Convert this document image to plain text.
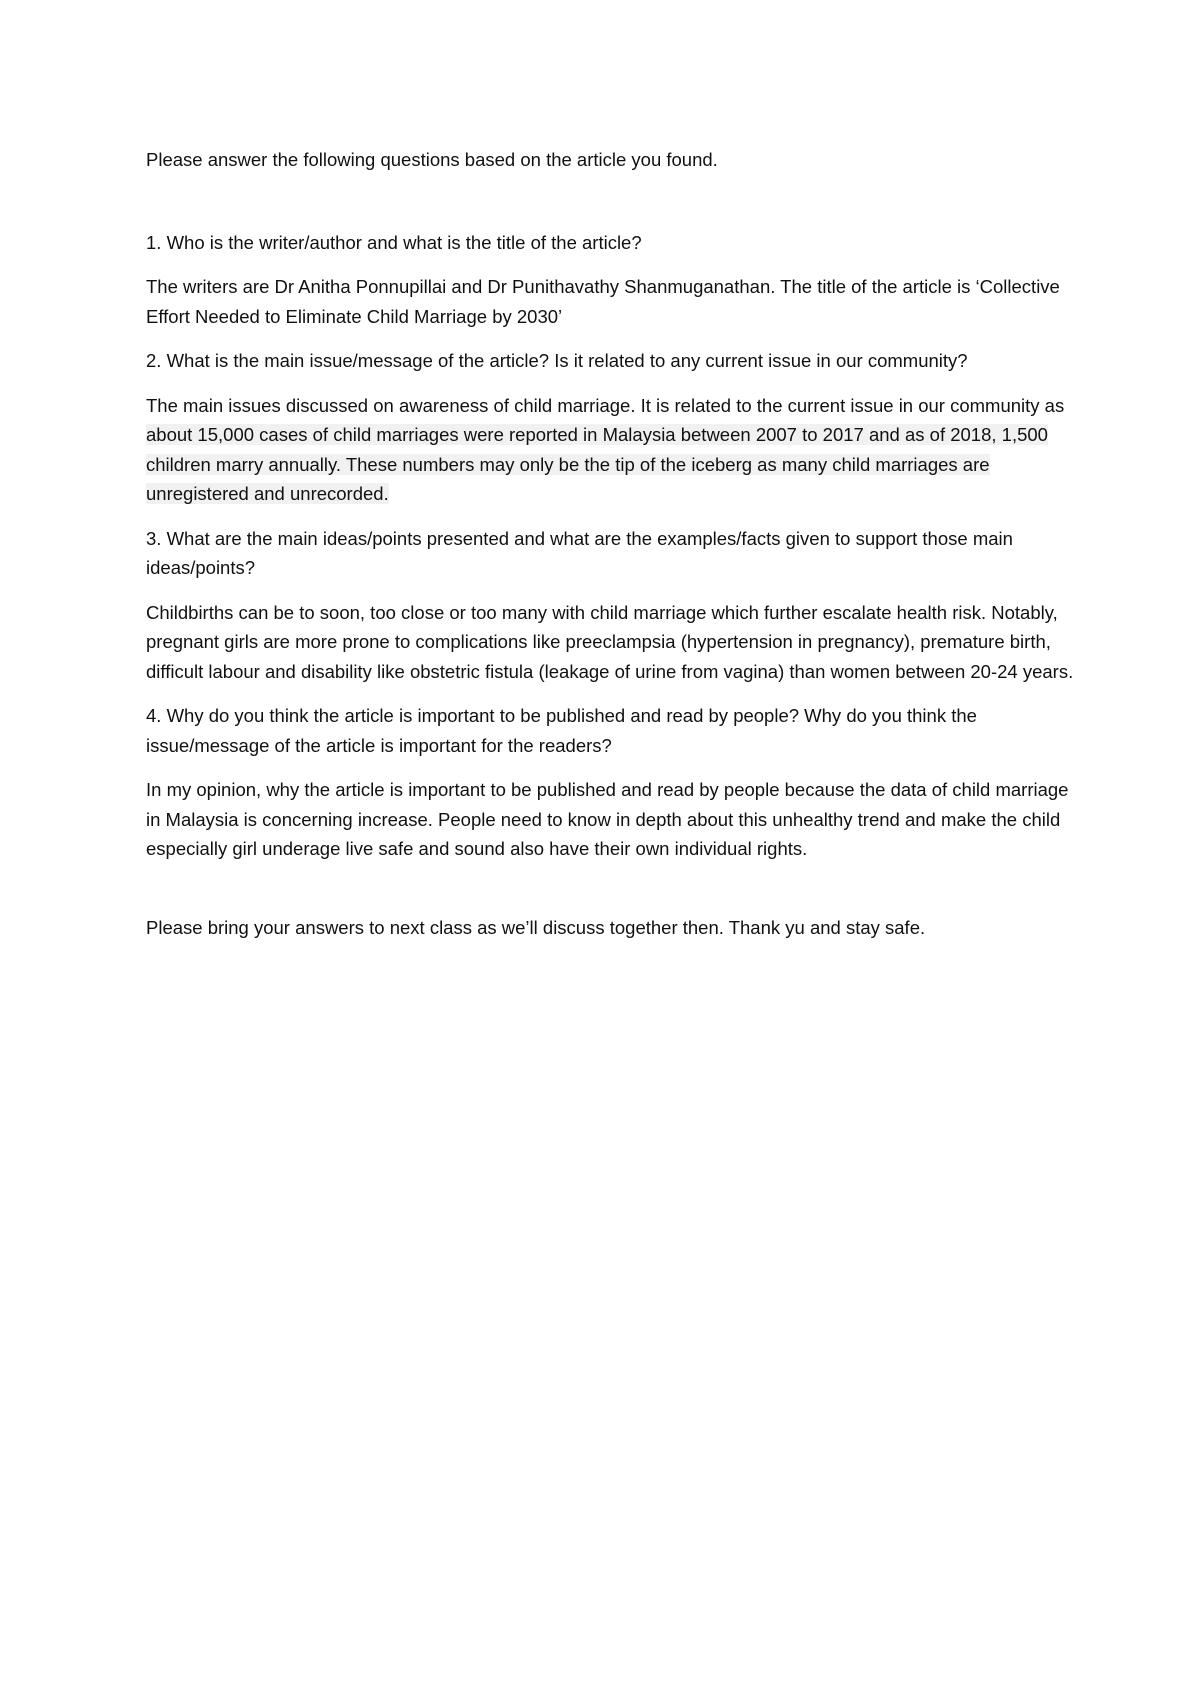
Please answer the following questions based on the article you found.

1. Who is the writer/author and what is the title of the article?

The writers are Dr Anitha Ponnupillai and Dr Punithavathy Shanmuganathan. The title of the article is ‘Collective Effort Needed to Eliminate Child Marriage by 2030’

2. What is the main issue/message of the article? Is it related to any current issue in our community?

The main issues discussed on awareness of child marriage. It is related to the current issue in our community as about 15,000 cases of child marriages were reported in Malaysia between 2007 to 2017 and as of 2018, 1,500 children marry annually. These numbers may only be the tip of the iceberg as many child marriages are unregistered and unrecorded.

3. What are the main ideas/points presented and what are the examples/facts given to support those main ideas/points?

Childbirths can be to soon, too close or too many with child marriage which further escalate health risk. Notably, pregnant girls are more prone to complications like preeclampsia (hypertension in pregnancy), premature birth, difficult labour and disability like obstetric fistula (leakage of urine from vagina) than women between 20-24 years.

4. Why do you think the article is important to be published and read by people? Why do you think the issue/message of the article is important for the readers?

In my opinion, why the article is important to be published and read by people because the data of child marriage in Malaysia is concerning increase. People need to know in depth about this unhealthy trend and make the child especially girl underage live safe and sound also have their own individual rights.

Please bring your answers to next class as we’ll discuss together then. Thank yu and stay safe.
